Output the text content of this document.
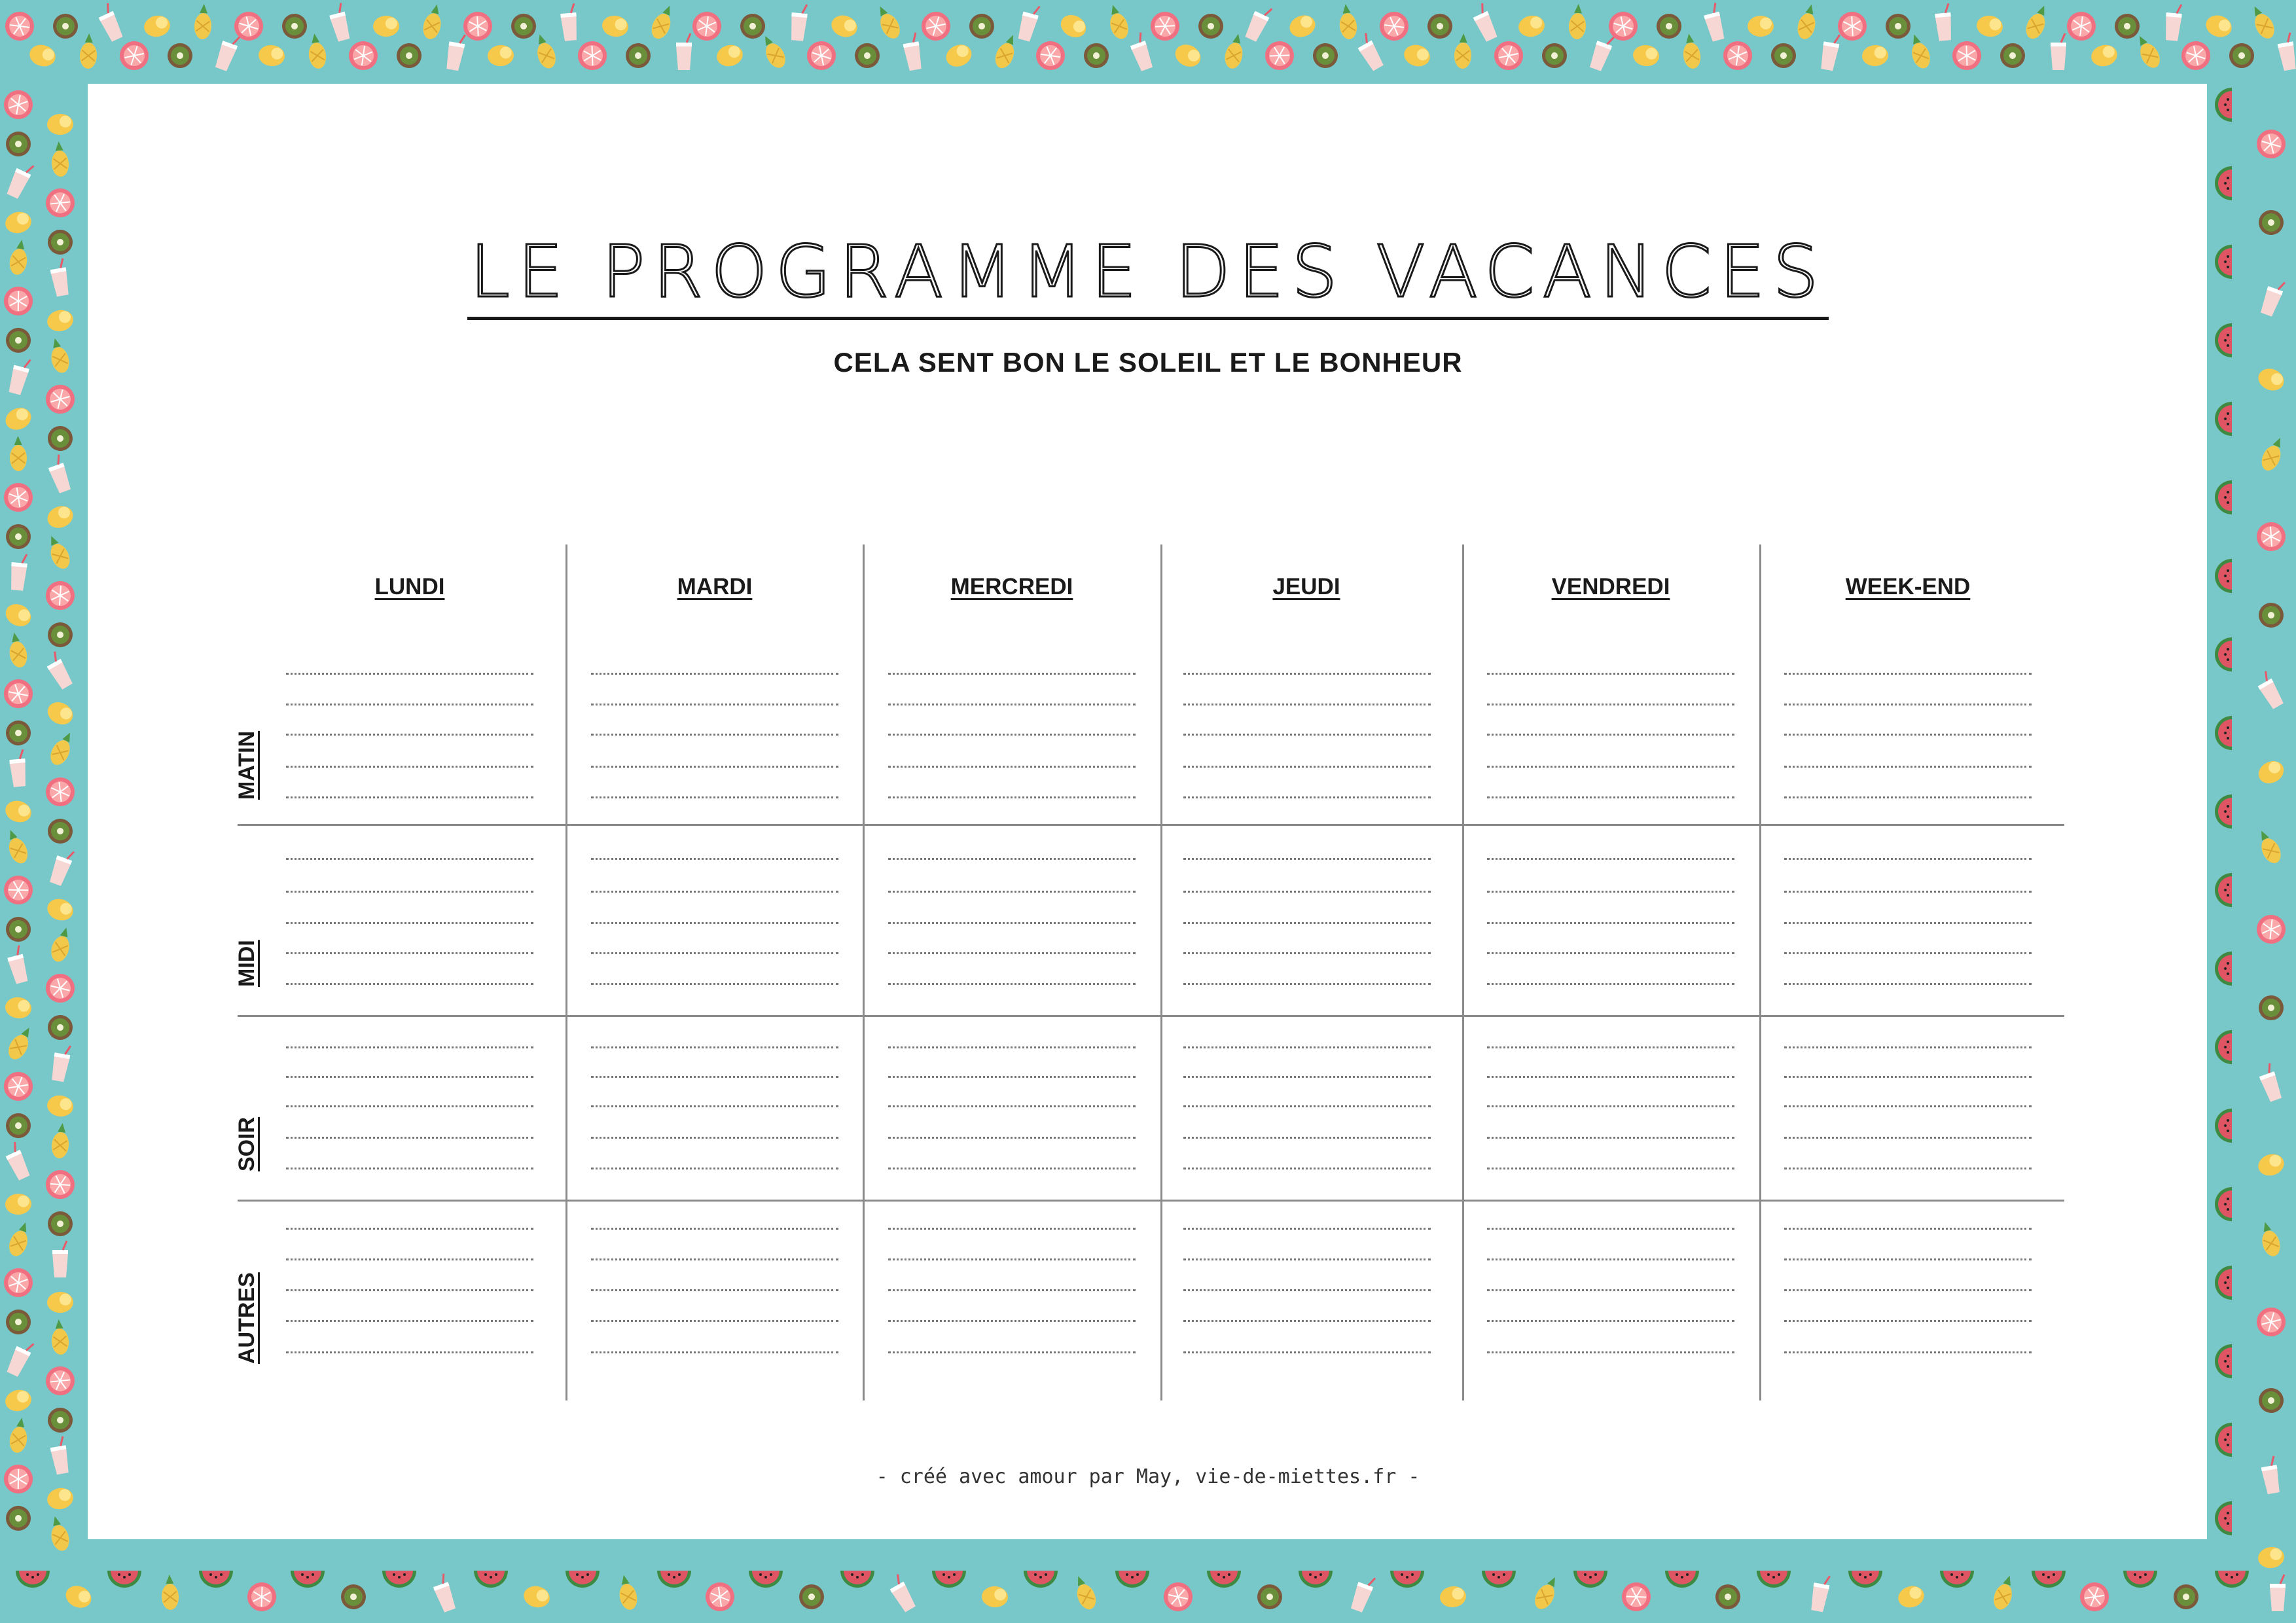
LE PROGRAMME DES VACANCES

CELA SENT BON LE SOLEIL ET LE BONHEUR

LUNDI	MARDI	MERCREDI	JEUDI	VENDREDI	WEEK-END
MATIN
MIDI
SOIR
AUTRES

- créé avec amour par May, vie-de-miettes.fr -
